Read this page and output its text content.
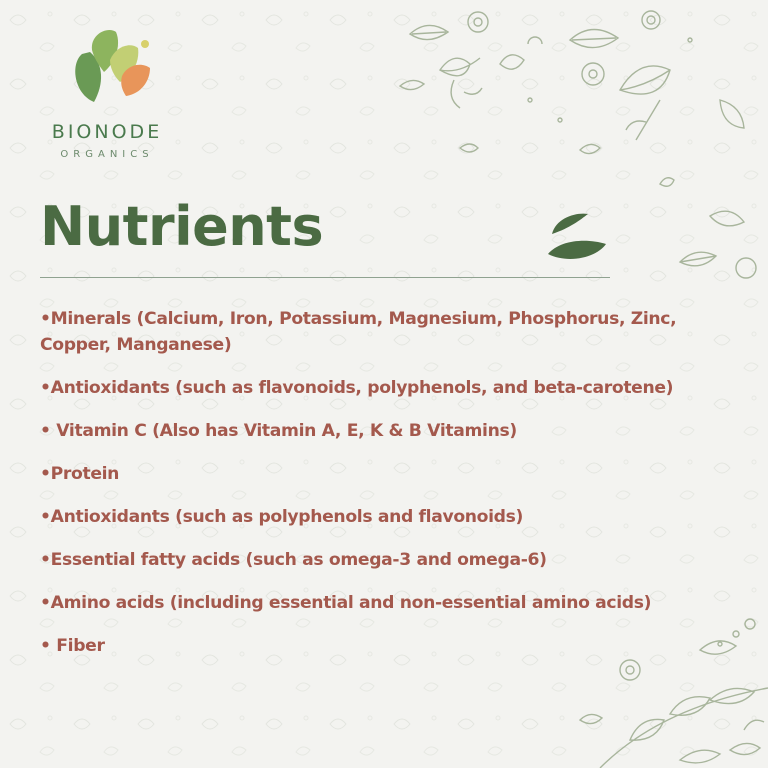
BIONODE
ORGANICS
Nutrients
•Minerals (Calcium, Iron, Potassium, Magnesium, Phosphorus, Zinc, Copper, Manganese)
•Antioxidants (such as flavonoids, polyphenols, and beta-carotene)
• Vitamin C (Also has Vitamin A, E, K & B Vitamins)
•Protein
•Antioxidants (such as polyphenols and flavonoids)
•Essential fatty acids (such as omega-3 and omega-6)
•Amino acids (including essential and non-essential amino acids)
• Fiber
